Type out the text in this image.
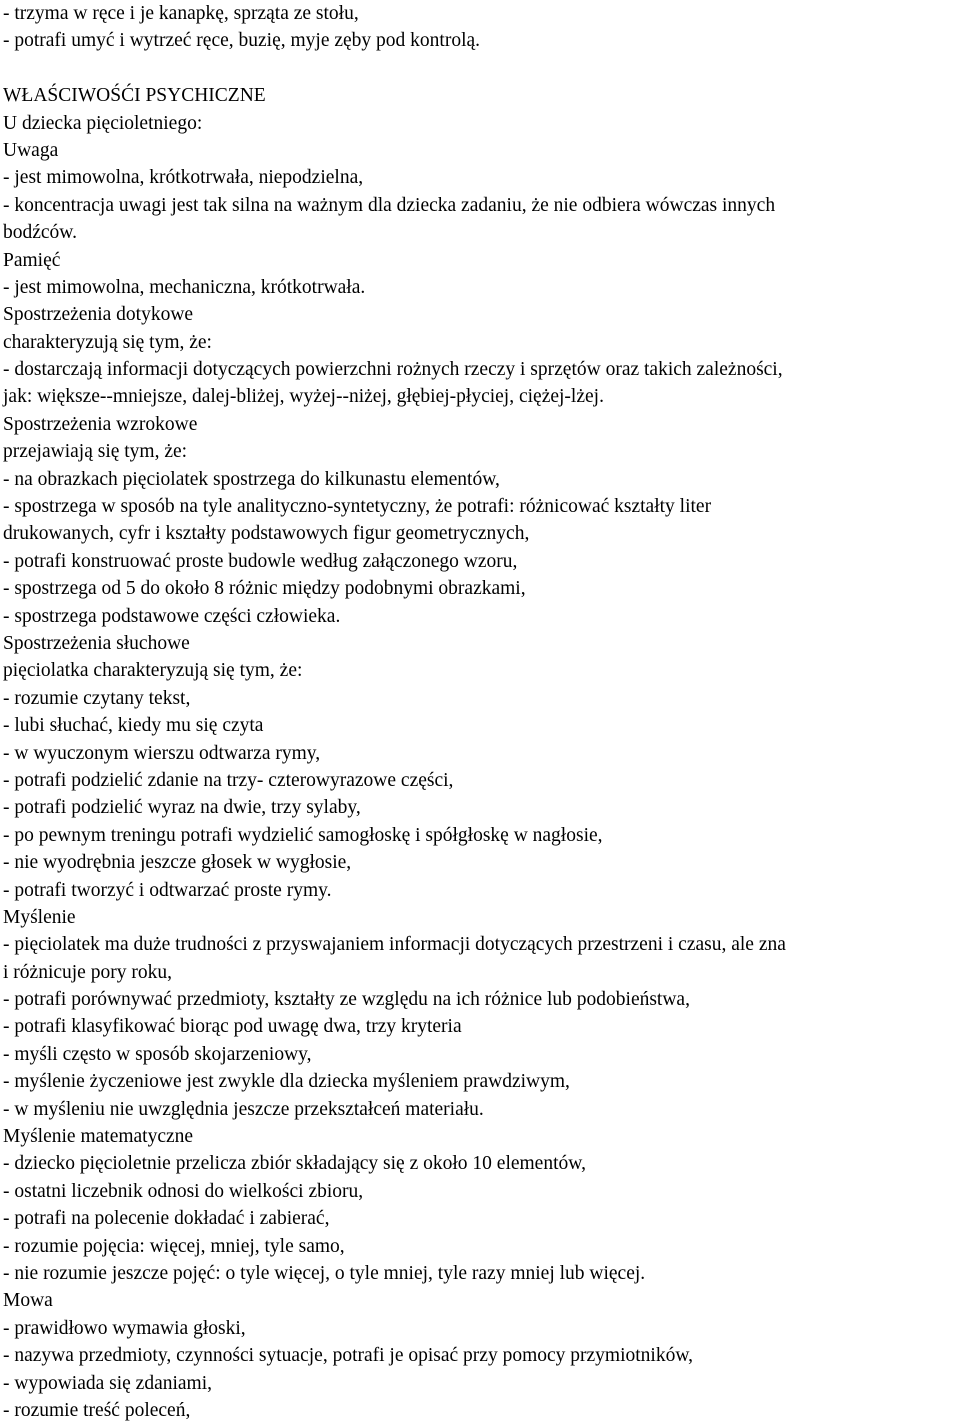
- trzyma w ręce i je kanapkę, sprząta ze stołu,
- potrafi umyć i wytrzeć ręce, buzię, myje zęby pod kontrolą.
WŁAŚCIWOŚĆI PSYCHICZNE
U dziecka pięcioletniego:
Uwaga
- jest mimowolna, krótkotrwała, niepodzielna,
- koncentracja uwagi jest tak silna na ważnym dla dziecka zadaniu, że nie odbiera wówczas innych
bodźców.
Pamięć
- jest mimowolna, mechaniczna, krótkotrwała.
Spostrzeżenia dotykowe
charakteryzują się tym, że:
- dostarczają informacji dotyczących powierzchni rożnych rzeczy i sprzętów oraz takich zależności,
jak: większe--mniejsze, dalej-bliżej, wyżej--niżej, głębiej-płyciej, ciężej-lżej.
Spostrzeżenia wzrokowe
przejawiają się tym, że:
- na obrazkach pięciolatek spostrzega do kilkunastu elementów,
- spostrzega w sposób na tyle analityczno-syntetyczny, że potrafi: różnicować kształty liter
drukowanych, cyfr i kształty podstawowych figur geometrycznych,
- potrafi konstruować proste budowle według załączonego wzoru,
- spostrzega od 5 do około 8 różnic między podobnymi obrazkami,
- spostrzega podstawowe części człowieka.
Spostrzeżenia słuchowe
pięciolatka charakteryzują się tym, że:
- rozumie czytany tekst,
- lubi słuchać, kiedy mu się czyta
- w wyuczonym wierszu odtwarza rymy,
- potrafi podzielić zdanie na trzy- czterowyrazowe części,
- potrafi podzielić wyraz na dwie, trzy sylaby,
- po pewnym treningu potrafi wydzielić samogłoskę i spółgłoskę w nagłosie,
- nie wyodrębnia jeszcze głosek w wygłosie,
- potrafi tworzyć i odtwarzać proste rymy.
Myślenie
- pięciolatek ma duże trudności z przyswajaniem informacji dotyczących przestrzeni i czasu, ale zna
i różnicuje pory roku,
- potrafi porównywać przedmioty, kształty ze względu na ich różnice lub podobieństwa,
- potrafi klasyfikować biorąc pod uwagę dwa, trzy kryteria
- myśli często w sposób skojarzeniowy,
- myślenie życzeniowe jest zwykle dla dziecka myśleniem prawdziwym,
- w myśleniu nie uwzględnia jeszcze przekształceń materiału.
Myślenie matematyczne
- dziecko pięcioletnie przelicza zbiór składający się z około 10 elementów,
- ostatni liczebnik odnosi do wielkości zbioru,
- potrafi na polecenie dokładać i zabierać,
- rozumie pojęcia: więcej, mniej, tyle samo,
- nie rozumie jeszcze pojęć: o tyle więcej, o tyle mniej, tyle razy mniej lub więcej.
Mowa
- prawidłowo wymawia głoski,
- nazywa przedmioty, czynności sytuacje, potrafi je opisać przy pomocy przymiotników,
- wypowiada się zdaniami,
- rozumie treść poleceń,
